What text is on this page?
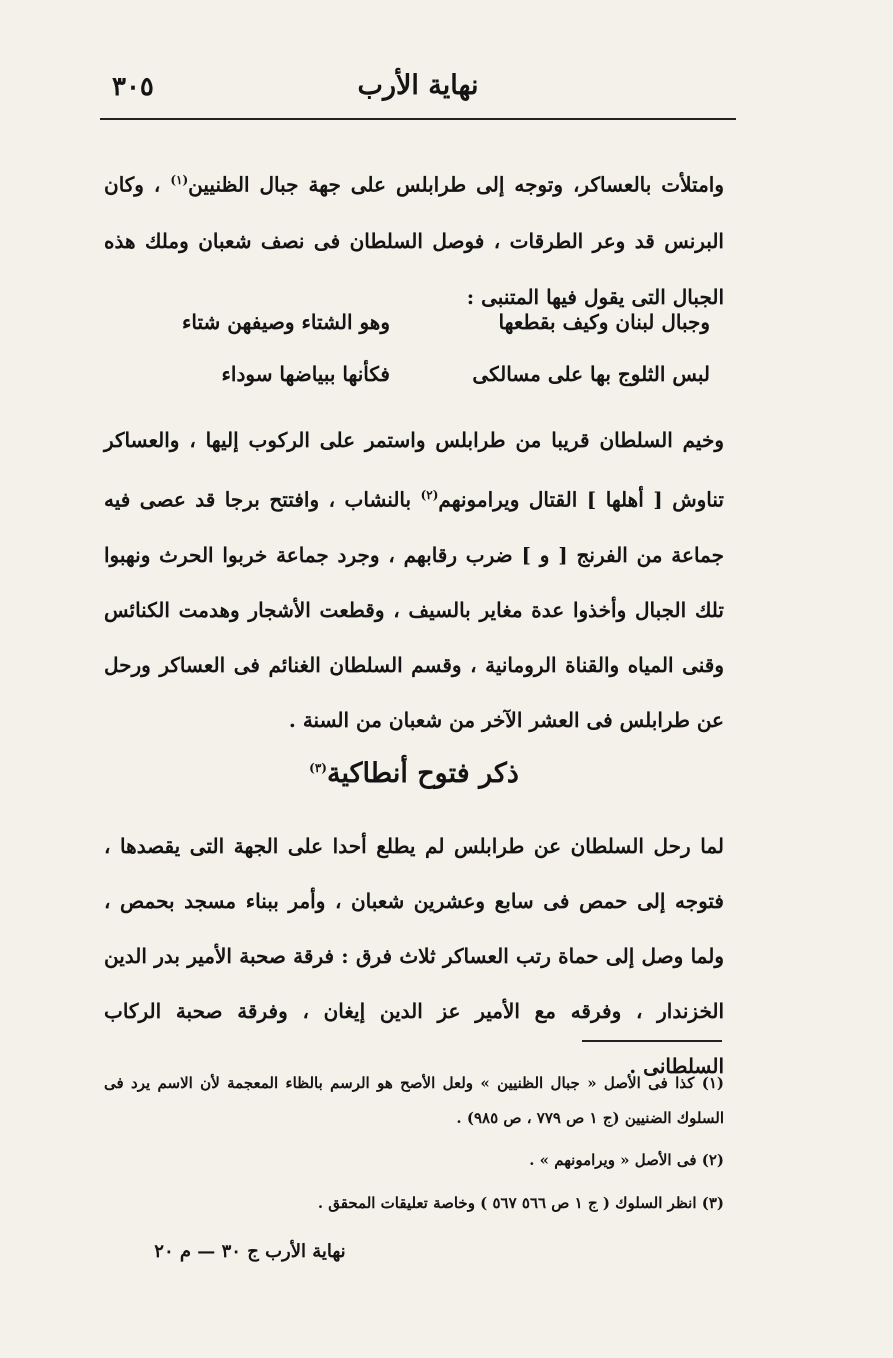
٣٠٥	نهاية الأرب

وامتلأت بالعساكر، وتوجه إلى طرابلس على جهة جبال الظنيين$^{(١)}$ ، وكان البرنس قد وعر الطرقات ، فوصل السلطان فى نصف شعبان وملك هذه الجبال التى يقول فيها المتنبى :

وجبال لبنان وكيف بقطعها
وهو الشتاء وصيفهن شتاء
لبس الثلوج بها على مسالكى
فكأنها ببياضها سوداء

وخيم السلطان قريبا من طرابلس واستمر على الركوب إليها ، والعساكر تناوش [ أهلها ] القتال ويرامونهم$^{(٢)}$ بالنشاب ، وافتتح برجا قد عصى فيه جماعة من الفرنج [ و ] ضرب رقابهم ، وجرد جماعة خربوا الحرث ونهبوا تلك الجبال وأخذوا عدة مغاير بالسيف ، وقطعت الأشجار وهدمت الكنائس وقنى المياه والقناة الرومانية ، وقسم السلطان الغنائم فى العساكر ورحل عن طرابلس فى العشر الآخر من شعبان من السنة .

ذكر فتوح أنطاكية$^{(٣)}$

لما رحل السلطان عن طرابلس لم يطلع أحدا على الجهة التى يقصدها ، فتوجه إلى حمص فى سابع وعشرين شعبان ، وأمر ببناء مسجد بحمص ، ولما وصل إلى حماة رتب العساكر ثلاث فرق : فرقة صحبة الأمير بدر الدين الخزندار ، وفرقه مع الأمير عز الدين إيغان ، وفرقة صحبة الركاب السلطانى .

(١) كذا فى الأصل « جبال الظنيين » ولعل الأصح هو الرسم بالظاء المعجمة لأن الاسم يرد فى السلوك الضنيين (ج ١ ص ٧٧٩ ، ص ٩٨٥) .

(٢) فى الأصل « ويرامونهم » .

(٣) انظر السلوك ( ج ١ ص ٥٦٦ ٥٦٧ ) وخاصة تعليقات المحقق .

نهاية الأرب ج ٣٠ — م ٢٠
